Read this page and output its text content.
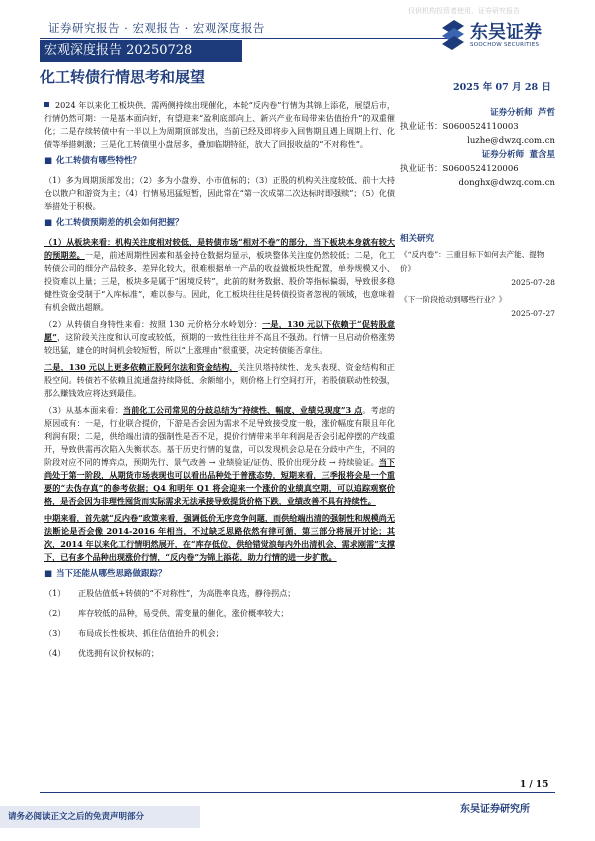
仅供机构投资者使用，证券研究报告
证券研究报告 · 宏观报告 · 宏观深度报告
宏观深度报告 20250728
东吴证券
SOOCHOW SECURITIES
化工转债行情思考和展望
2025 年 07 月 28 日

2024 年以来化工板块供、需两侧持续出现催化，本轮“反内卷”行情为其锦上添花，展望后市，行情仍然可期：一是基本面向好，有望迎来“盈利底部向上、新兴产业布局带来估值抬升”的双重催化；二是存续转债中有一半以上为周期顶部发出，当前已经及即将步入回售期且遇上周期上行、化债等举措刺激；三是化工转债里小盘居多，叠加临期特征，放大了回报收益的“不对称性”。

■ 化工转债有哪些特性？

（1）多为周期顶部发出；（2）多为小盘券、小市值标的；（3）正股的机构关注度较低、前十大持仓以散户和游资为主；（4）行情易迅猛短暂，因此常在“第一次成第二次达标时即强赎”；（5）化债举措处于积极。

■ 化工转债预期差的机会如何把握？

（1）从板块来看：机构关注度相对较低，是转债市场“相对不卷”的部分，当下板块本身就有较大的预期差。一是，前述周期性因素和基金持仓数据均显示，板块整体关注度仍然较低；二是，化工转债公司的细分产品较多、差异化较大，很难根据单一产品的收益做板块性配置，单券规模又小、投资难以上量；三是，板块多是属于“困境反转”，此前的财务数据、股价等指标偏弱，导致很多稳健性资金受制于“入库标准”，难以参与。因此，化工板块往往是转债投资者忽视的领域，也意味着有机会做出超额。

（2）从转债自身特性来看：按照 130 元价格分水岭划分：一是，130 元以下依赖于“促转股意愿”，这阶段关注度和认可度或较低，预期的一致性往往并不高且不强劲。行情一旦启动价格涨势较迅猛，建仓的时间机会较短暂，所以“上涨理由”很重要，决定转债能否拿住。

二是，130 元以上更多依赖正股阿尔法和资金结构，关注贝塔持续性、龙头表现、资金结构和正股空间。转债若不依赖且流通盘持续降低、余额缩小，则价格上行空间打开，若股债联动性较强，那么赚钱效应将达到最佳。

（3）从基本面来看：当前化工公司常见的分歧总结为“持续性、幅度、业绩兑现度”3 点。考虑的原因或有：一是，行业联合提价，下游是否会因为需求不足导致接受度一般，涨价幅度有限且年化利润有限；二是，供给端出清的强制性是否不足，提价行情带来半年利润是否会引起停摆的产线重开，导致供需再次陷入失衡状态。基于历史行情的复盘，可以发现机会总是在分歧中产生，不同的阶段对应不同的博弈点，预期先行、景气改善 → 业绩验证/证伪、股价出现分歧 → 持续验证。当下尚处于第一阶段，从期货市场表现也可以看出品种处于普涨态势，短期来看，三季报将会是一个重要的“去伪存真”的参考依据；Q4 和明年 Q1 将会迎来一个涨价的业绩真空期，可以追踪观察价格，是否会因为非理性囤货而实际需求无法承接导致提货价格下跌，业绩改善不具有持续性。

中期来看，首先就“反内卷”政策来看，强调低价无序竞争问题，而供给端出清的强制性和规模尚无法断论是否会像 2014-2016 年相当，不过缺乏思路依然有律可循，第三部分将展开讨论；其次，2014 年以来化工行情明然展开，在“库存低位、供给错觉浪每内外出清机会、需求刚需”支撑下，已有多个品种出现涨价行情，“反内卷”为锦上添花，助力行情的进一步扩散。

■ 当下还能从哪些思路做跟踪？

（1）	正股估值低+转债的“不对称性”，为高胜率良选，静待拐点；

（2）	库存较低的品种，易受供、需变量的催化，涨价概率较大；

（3）	布局成长性板块、抓住估值抬升的机会；

（4）	优选拥有议价权标的；

证券分析师 芦哲
执业证书：S0600524110003
luzhe@dwzq.com.cn
证券分析师 董含星
执业证书：S0600524120006
donghx@dwzq.com.cn
相关研究
《“反内卷”：三重目标下如何去产能、提物价》
2025-07-28
《下一阶段抢动到哪些行业？》
2025-07-27
1 / 15
东吴证券研究所
请务必阅读正文之后的免责声明部分
